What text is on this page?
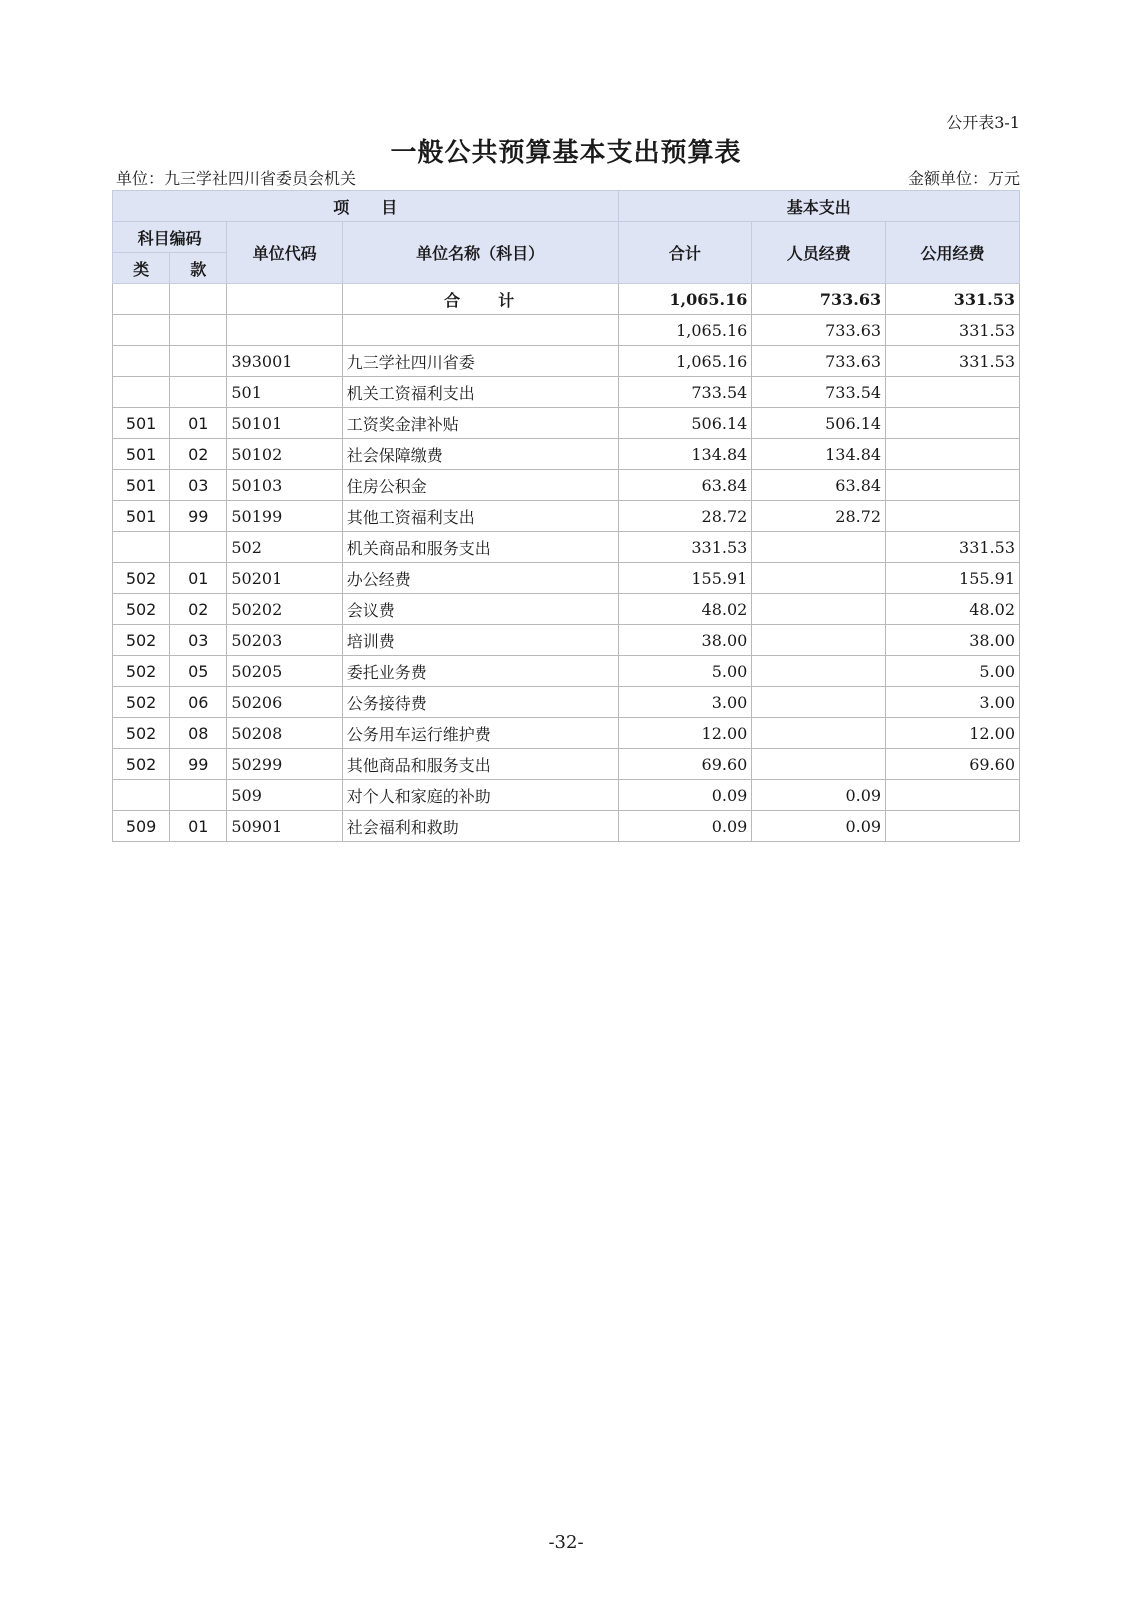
公开表3-1
一般公共预算基本支出预算表
单位：九三学社四川省委员会机关	金额单位：万元
项　　目				基本支出		
科目编码		单位代码	单位名称（科目）	合计	人员经费	公用经费
类	款					
			合　　计	1,065.16	733.63	331.53
				1,065.16	733.63	331.53
		393001	九三学社四川省委	1,065.16	733.63	331.53
		501	机关工资福利支出	733.54	733.54	
501	01	50101	工资奖金津补贴	506.14	506.14	
501	02	50102	社会保障缴费	134.84	134.84	
501	03	50103	住房公积金	63.84	63.84	
501	99	50199	其他工资福利支出	28.72	28.72	
		502	机关商品和服务支出	331.53		331.53
502	01	50201	办公经费	155.91		155.91
502	02	50202	会议费	48.02		48.02
502	03	50203	培训费	38.00		38.00
502	05	50205	委托业务费	5.00		5.00
502	06	50206	公务接待费	3.00		3.00
502	08	50208	公务用车运行维护费	12.00		12.00
502	99	50299	其他商品和服务支出	69.60		69.60
		509	对个人和家庭的补助	0.09	0.09	
509	01	50901	社会福利和救助	0.09	0.09	
-32-
